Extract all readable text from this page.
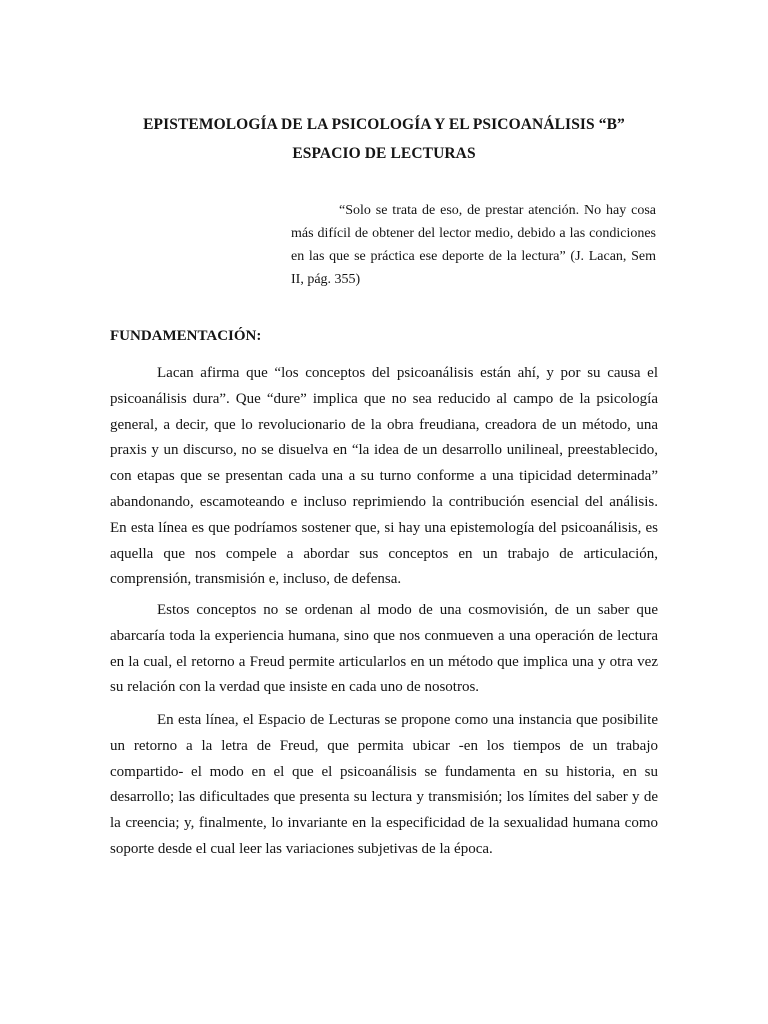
EPISTEMOLOGÍA DE LA PSICOLOGÍA Y EL PSICOANÁLISIS “B”
ESPACIO DE LECTURAS
“Solo se trata de eso, de prestar atención. No hay cosa más difícil de obtener del lector medio, debido a las condiciones en las que se práctica ese deporte de la lectura” (J. Lacan, Sem II, pág. 355)
FUNDAMENTACIÓN:

Lacan afirma que “los conceptos del psicoanálisis están ahí, y por su causa el psicoanálisis dura”. Que “dure” implica que no sea reducido al campo de la psicología general, a decir, que lo revolucionario de la obra freudiana, creadora de un método, una praxis y un discurso, no se disuelva en “la idea de un desarrollo unilineal, preestablecido, con etapas que se presentan cada una a su turno conforme a una tipicidad determinada” abandonando, escamoteando e incluso reprimiendo la contribución esencial del análisis. En esta línea es que podríamos sostener que, si hay una epistemología del psicoanálisis, es aquella que nos compele a abordar sus conceptos en un trabajo de articulación, comprensión, transmisión e, incluso, de defensa.

Estos conceptos no se ordenan al modo de una cosmovisión, de un saber que abarcaría toda la experiencia humana, sino que nos conmueven a una operación de lectura en la cual, el retorno a Freud permite articularlos en un método que implica una y otra vez su relación con la verdad que insiste en cada uno de nosotros.

En esta línea, el Espacio de Lecturas se propone como una instancia que posibilite un retorno a la letra de Freud, que permita ubicar -en los tiempos de un trabajo compartido- el modo en el que el psicoanálisis se fundamenta en su historia, en su desarrollo; las dificultades que presenta su lectura y transmisión; los límites del saber y de la creencia; y, finalmente, lo invariante en la especificidad de la sexualidad humana como soporte desde el cual leer las variaciones subjetivas de la época.
